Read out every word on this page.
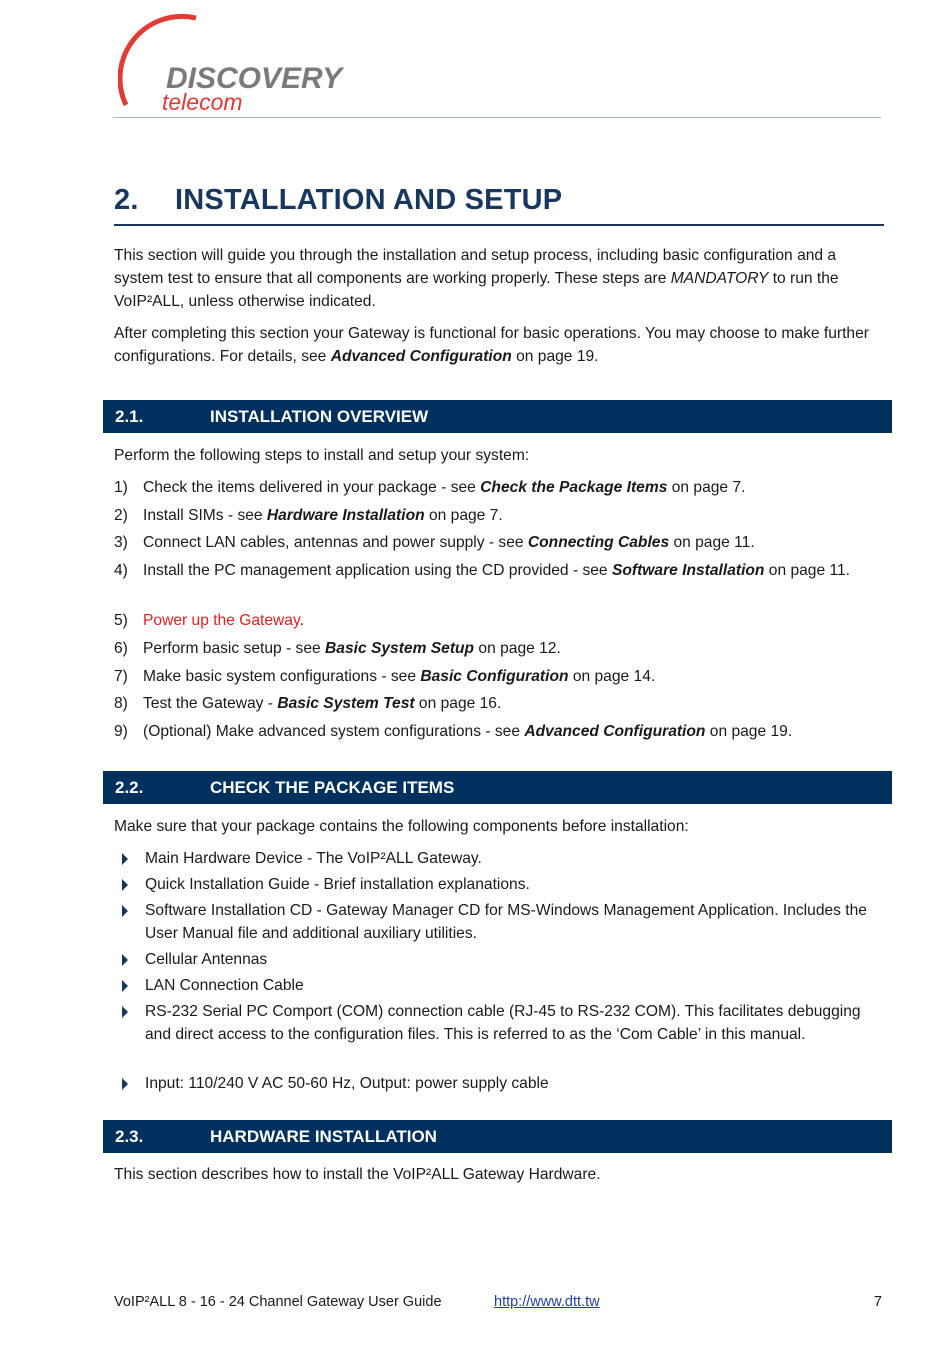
DISCOVERY
telecom
2. INSTALLATION AND SETUP
This section will guide you through the installation and setup process, including basic configuration and a system test to ensure that all components are working properly. These steps are MANDATORY to run the VoIP²ALL, unless otherwise indicated.
After completing this section your Gateway is functional for basic operations. You may choose to make further configurations. For details, see Advanced Configuration on page 19.
2.1.	INSTALLATION OVERVIEW
Perform the following steps to install and setup your system:
1) Check the items delivered in your package - see Check the Package Items on page 7.
2) Install SIMs - see Hardware Installation on page 7.
3) Connect LAN cables, antennas and power supply - see Connecting Cables on page 11.
4) Install the PC management application using the CD provided - see Software Installation on page 11.
5) Power up the Gateway.
6) Perform basic setup - see Basic System Setup on page 12.
7) Make basic system configurations - see Basic Configuration on page 14.
8) Test the Gateway - Basic System Test on page 16.
9) (Optional) Make advanced system configurations - see Advanced Configuration on page 19.
2.2.	CHECK THE PACKAGE ITEMS
Make sure that your package contains the following components before installation:
Main Hardware Device - The VoIP²ALL Gateway.
Quick Installation Guide - Brief installation explanations.
Software Installation CD - Gateway Manager CD for MS-Windows Management Application. Includes the User Manual file and additional auxiliary utilities.
Cellular Antennas
LAN Connection Cable
RS-232 Serial PC Comport (COM) connection cable (RJ-45 to RS-232 COM). This facilitates debugging and direct access to the configuration files. This is referred to as the ‘Com Cable’ in this manual.
Input: 110/240 V AC 50-60 Hz, Output: power supply cable
2.3.	HARDWARE INSTALLATION
This section describes how to install the VoIP²ALL Gateway Hardware.
VoIP²ALL 8 - 16 - 24 Channel Gateway User Guide	http://www.dtt.tw	7
